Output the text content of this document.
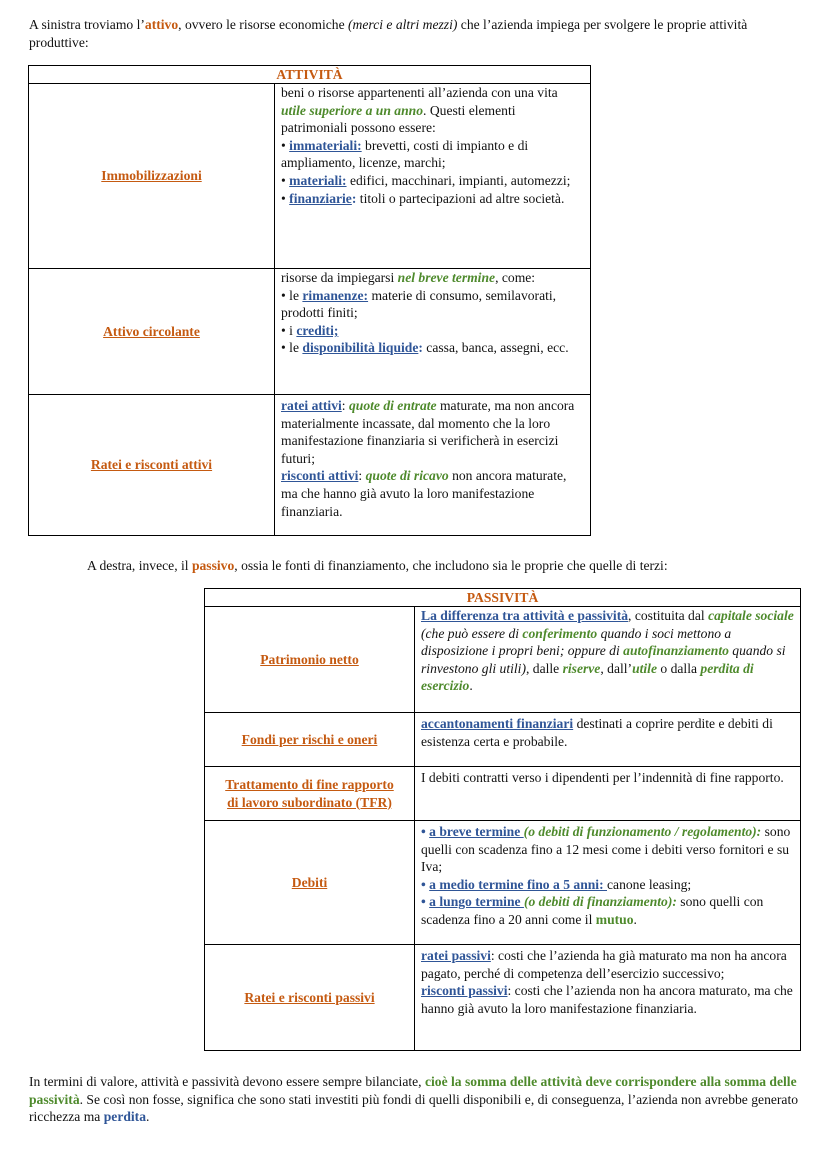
A sinistra troviamo l’attivo, ovvero le risorse economiche (merci e altri mezzi) che l’azienda impiega per svolgere le proprie attività produttive:

ATTIVITÀ	
Immobilizzazioni	beni o risorse appartenenti all’azienda con una vita utile superiore a un anno. Questi elementi patrimoniali possono essere:
• immateriali: brevetti, costi di impianto e di ampliamento, licenze, marchi;
• materiali: edifici, macchinari, impianti, automezzi;
• finanziarie: titoli o partecipazioni ad altre società.

Attivo circolante	risorse da impiegarsi nel breve termine, come:
• le rimanenze: materie di consumo, semilavorati, prodotti finiti;
• i crediti;
• le disponibilità liquide: cassa, banca, assegni, ecc.

Ratei e risconti attivi	ratei attivi: quote di entrate maturate, ma non ancora materialmente incassate, dal momento che la loro manifestazione finanziaria si verificherà in esercizi futuri;
risconti attivi: quote di ricavo non ancora maturate, ma che hanno già avuto la loro manifestazione finanziaria.

A destra, invece, il passivo, ossia le fonti di finanziamento, che includono sia le proprie che quelle di terzi:

PASSIVITÀ	
Patrimonio netto	La differenza tra attività e passività, costituita dal capitale sociale (che può essere di conferimento quando i soci mettono a disposizione i propri beni; oppure di autofinanziamento quando si rinvestono gli utili), dalle riserve, dall’utile o dalla perdita di esercizio.
Fondi per rischi e oneri	accantonamenti finanziari destinati a coprire perdite e debiti di esistenza certa e probabile.
Trattamento di fine rapporto
di lavoro subordinato (TFR)	I debiti contratti verso i dipendenti per l’indennità di fine rapporto.
Debiti	• a breve termine (o debiti di funzionamento / regolamento): sono quelli con scadenza fino a 12 mesi come i debiti verso fornitori e su Iva;
• a medio termine fino a 5 anni: canone leasing;
• a lungo termine (o debiti di finanziamento): sono quelli con scadenza fino a 20 anni come il mutuo.

Ratei e risconti passivi	ratei passivi: costi che l’azienda ha già maturato ma non ha ancora pagato, perché di competenza dell’esercizio successivo;
risconti passivi: costi che l’azienda non ha ancora maturato, ma che hanno già avuto la loro manifestazione finanziaria.

In termini di valore, attività e passività devono essere sempre bilanciate, cioè la somma delle attività deve corrispondere alla somma delle passività. Se così non fosse, significa che sono stati investiti più fondi di quelli disponibili e, di conseguenza, l’azienda non avrebbe generato ricchezza ma perdita.
